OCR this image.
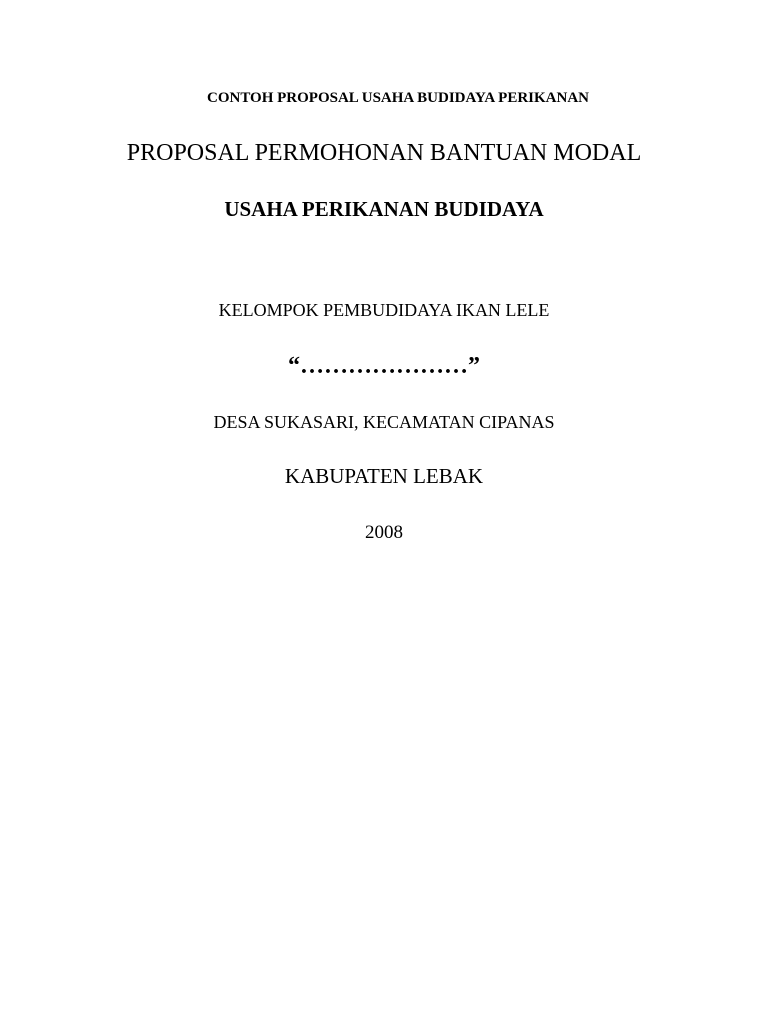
CONTOH PROPOSAL USAHA BUDIDAYA PERIKANAN
PROPOSAL PERMOHONAN BANTUAN MODAL
USAHA PERIKANAN BUDIDAYA
KELOMPOK PEMBUDIDAYA IKAN LELE
“…………………”
DESA SUKASARI, KECAMATAN CIPANAS
KABUPATEN LEBAK
2008
